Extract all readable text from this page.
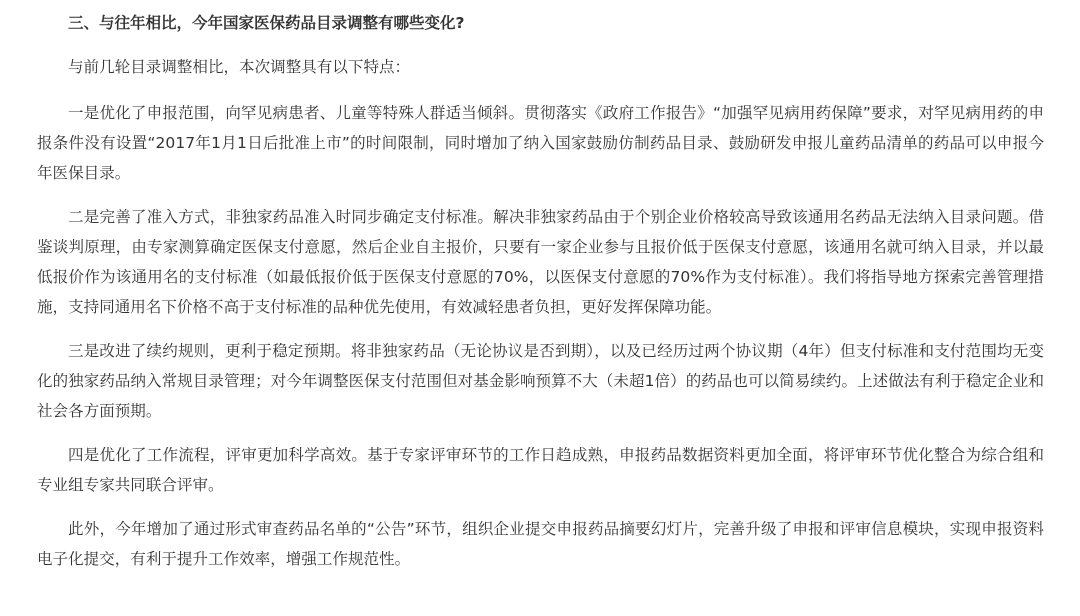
三、与往年相比，今年国家医保药品目录调整有哪些变化?

与前几轮目录调整相比，本次调整具有以下特点：

一是优化了申报范围，向罕见病患者、儿童等特殊人群适当倾斜。贯彻落实《政府工作报告》“加强罕见病用药保障”要求，对罕见病用药的申报条件没有设置“2017年1月1日后批准上市”的时间限制，同时增加了纳入国家鼓励仿制药品目录、鼓励研发申报儿童药品清单的药品可以申报今年医保目录。

二是完善了准入方式，非独家药品准入时同步确定支付标准。解决非独家药品由于个别企业价格较高导致该通用名药品无法纳入目录问题。借鉴谈判原理，由专家测算确定医保支付意愿，然后企业自主报价，只要有一家企业参与且报价低于医保支付意愿，该通用名就可纳入目录，并以最低报价作为该通用名的支付标准（如最低报价低于医保支付意愿的70%，以医保支付意愿的70%作为支付标准）。我们将指导地方探索完善管理措施，支持同通用名下价格不高于支付标准的品种优先使用，有效减轻患者负担，更好发挥保障功能。

三是改进了续约规则，更利于稳定预期。将非独家药品（无论协议是否到期），以及已经历过两个协议期（4年）但支付标准和支付范围均无变化的独家药品纳入常规目录管理；对今年调整医保支付范围但对基金影响预算不大（未超1倍）的药品也可以简易续约。上述做法有利于稳定企业和社会各方面预期。

四是优化了工作流程，评审更加科学高效。基于专家评审环节的工作日趋成熟，申报药品数据资料更加全面，将评审环节优化整合为综合组和专业组专家共同联合评审。

此外，今年增加了通过形式审查药品名单的“公告”环节，组织企业提交申报药品摘要幻灯片，完善升级了申报和评审信息模块，实现申报资料电子化提交，有利于提升工作效率，增强工作规范性。
